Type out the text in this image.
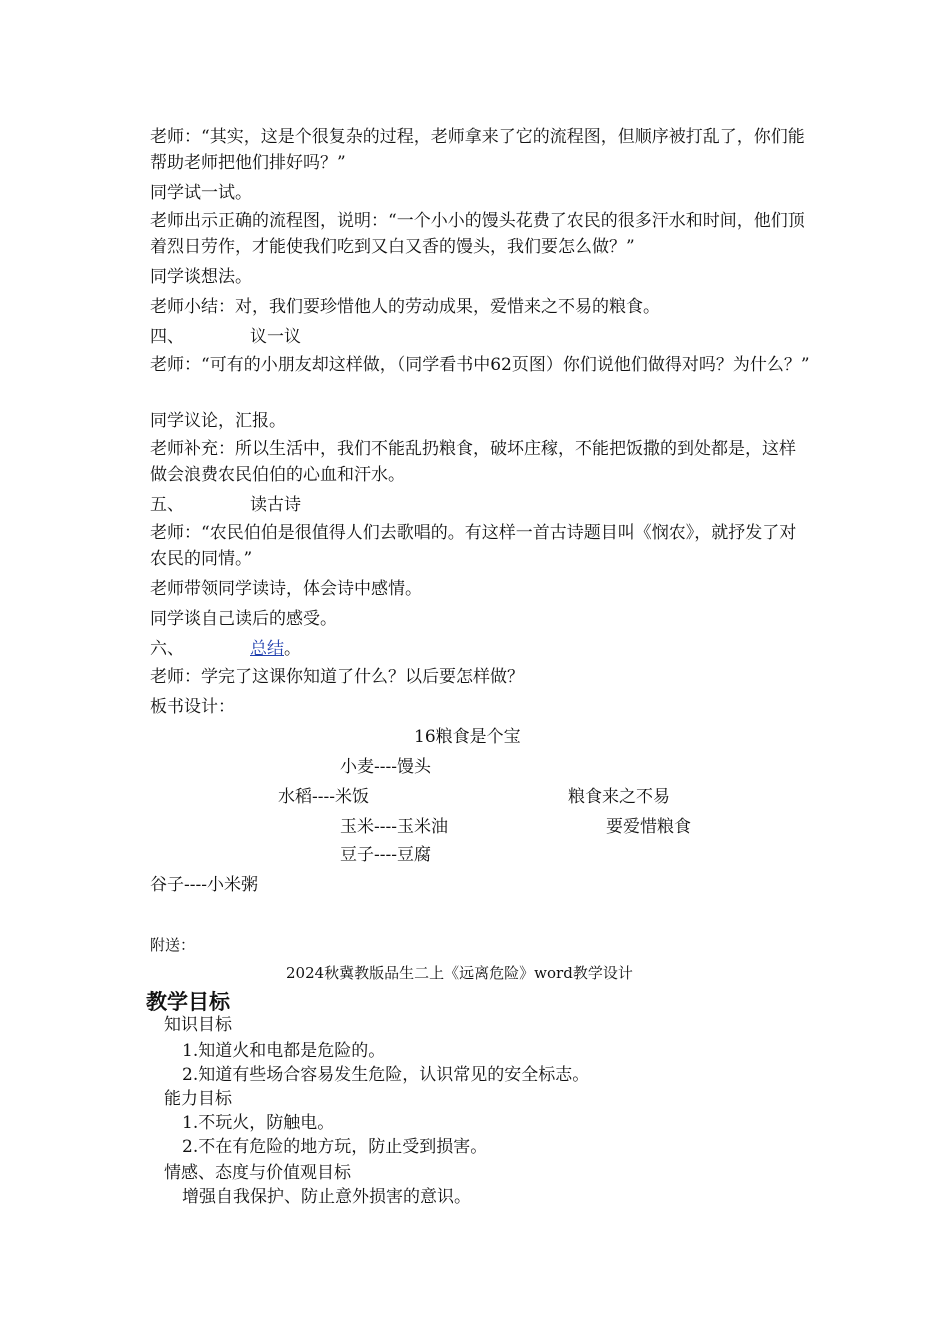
老师：“其实，这是个很复杂的过程，老师拿来了它的流程图，但顺序被打乱了，你们能帮助老师把他们排好吗？”

同学试一试。

老师出示正确的流程图，说明：“一个小小的馒头花费了农民的很多汗水和时间，他们顶着烈日劳作，才能使我们吃到又白又香的馒头，我们要怎么做？”

同学谈想法。

老师小结：对，我们要珍惜他人的劳动成果，爱惜来之不易的粮食。

四、	议一议

老师：“可有的小朋友却这样做，（同学看书中62页图）你们说他们做得对吗？为什么？”

同学议论，汇报。

老师补充：所以生活中，我们不能乱扔粮食，破坏庄稼，不能把饭撒的到处都是，这样做会浪费农民伯伯的心血和汗水。

五、	读古诗

老师：“农民伯伯是很值得人们去歌唱的。有这样一首古诗题目叫《悯农》，就抒发了对农民的同情。”

老师带领同学读诗，体会诗中感情。

同学谈自己读后的感受。

六、	总结。

老师：学完了这课你知道了什么？以后要怎样做？

板书设计：

16粮食是个宝
小麦----馒头
水稻----米饭	粮食来之不易
玉米----玉米油	要爱惜粮食
豆子----豆腐
谷子----小米粥
附送：
2024秋冀教版品生二上《远离危险》word教学设计
教学目标
知识目标
1.知道火和电都是危险的。
2.知道有些场合容易发生危险，认识常见的安全标志。
能力目标
1.不玩火，防触电。
2.不在有危险的地方玩，防止受到损害。
情感、态度与价值观目标
增强自我保护、防止意外损害的意识。
